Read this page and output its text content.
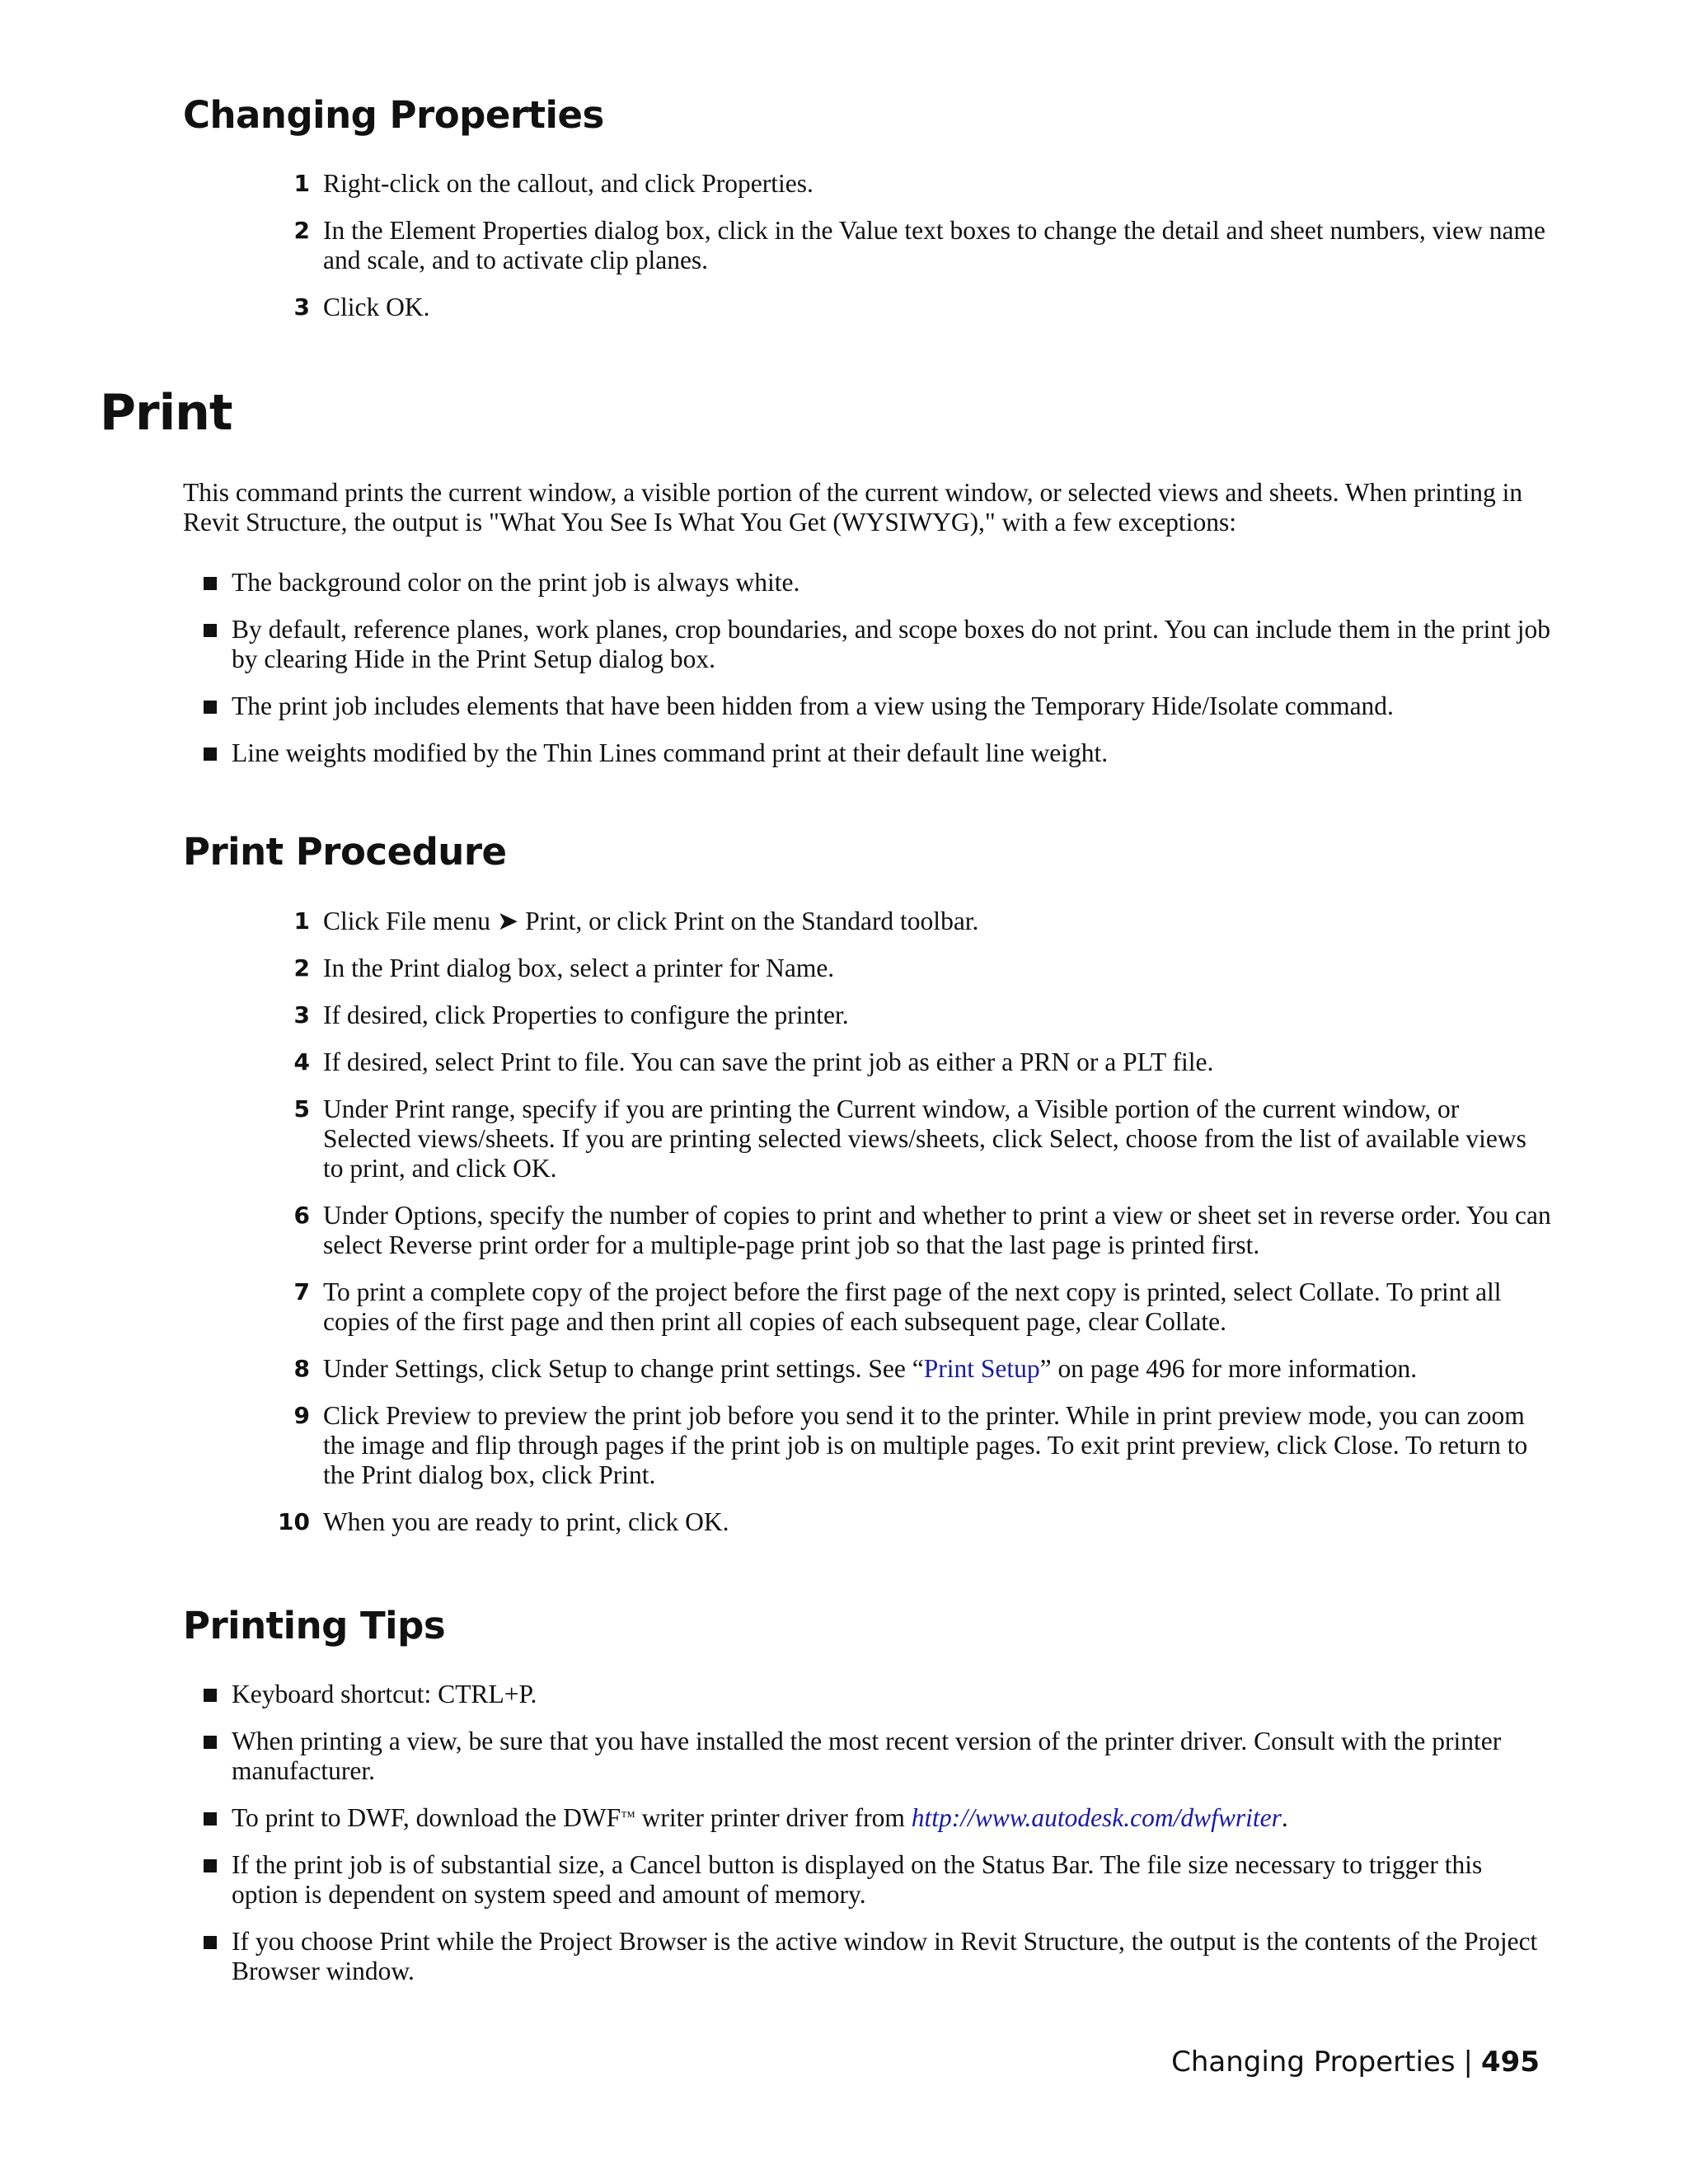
Changing Properties
1 Right-click on the callout, and click Properties.
2 In the Element Properties dialog box, click in the Value text boxes to change the detail and sheet numbers, view name and scale, and to activate clip planes.
3 Click OK.
Print

This command prints the current window, a visible portion of the current window, or selected views and sheets. When printing in Revit Structure, the output is "What You See Is What You Get (WYSIWYG)," with a few exceptions:

The background color on the print job is always white.
By default, reference planes, work planes, crop boundaries, and scope boxes do not print. You can include them in the print job by clearing Hide in the Print Setup dialog box.
The print job includes elements that have been hidden from a view using the Temporary Hide/Isolate command.
Line weights modified by the Thin Lines command print at their default line weight.
Print Procedure
1 Click File menu ➤ Print, or click Print on the Standard toolbar.
2 In the Print dialog box, select a printer for Name.
3 If desired, click Properties to configure the printer.
4 If desired, select Print to file. You can save the print job as either a PRN or a PLT file.
5 Under Print range, specify if you are printing the Current window, a Visible portion of the current window, or Selected views/sheets. If you are printing selected views/sheets, click Select, choose from the list of available views to print, and click OK.
6 Under Options, specify the number of copies to print and whether to print a view or sheet set in reverse order. You can select Reverse print order for a multiple-page print job so that the last page is printed first.
7 To print a complete copy of the project before the first page of the next copy is printed, select Collate. To print all copies of the first page and then print all copies of each subsequent page, clear Collate.
8 Under Settings, click Setup to change print settings. See “Print Setup” on page 496 for more information.
9 Click Preview to preview the print job before you send it to the printer. While in print preview mode, you can zoom the image and flip through pages if the print job is on multiple pages. To exit print preview, click Close. To return to the Print dialog box, click Print.
10 When you are ready to print, click OK.
Printing Tips
Keyboard shortcut: CTRL+P.
When printing a view, be sure that you have installed the most recent version of the printer driver. Consult with the printer manufacturer.
To print to DWF, download the DWF™ writer printer driver from http://www.autodesk.com/dwfwriter.
If the print job is of substantial size, a Cancel button is displayed on the Status Bar. The file size necessary to trigger this option is dependent on system speed and amount of memory.
If you choose Print while the Project Browser is the active window in Revit Structure, the output is the contents of the Project Browser window.
Changing Properties | 495
